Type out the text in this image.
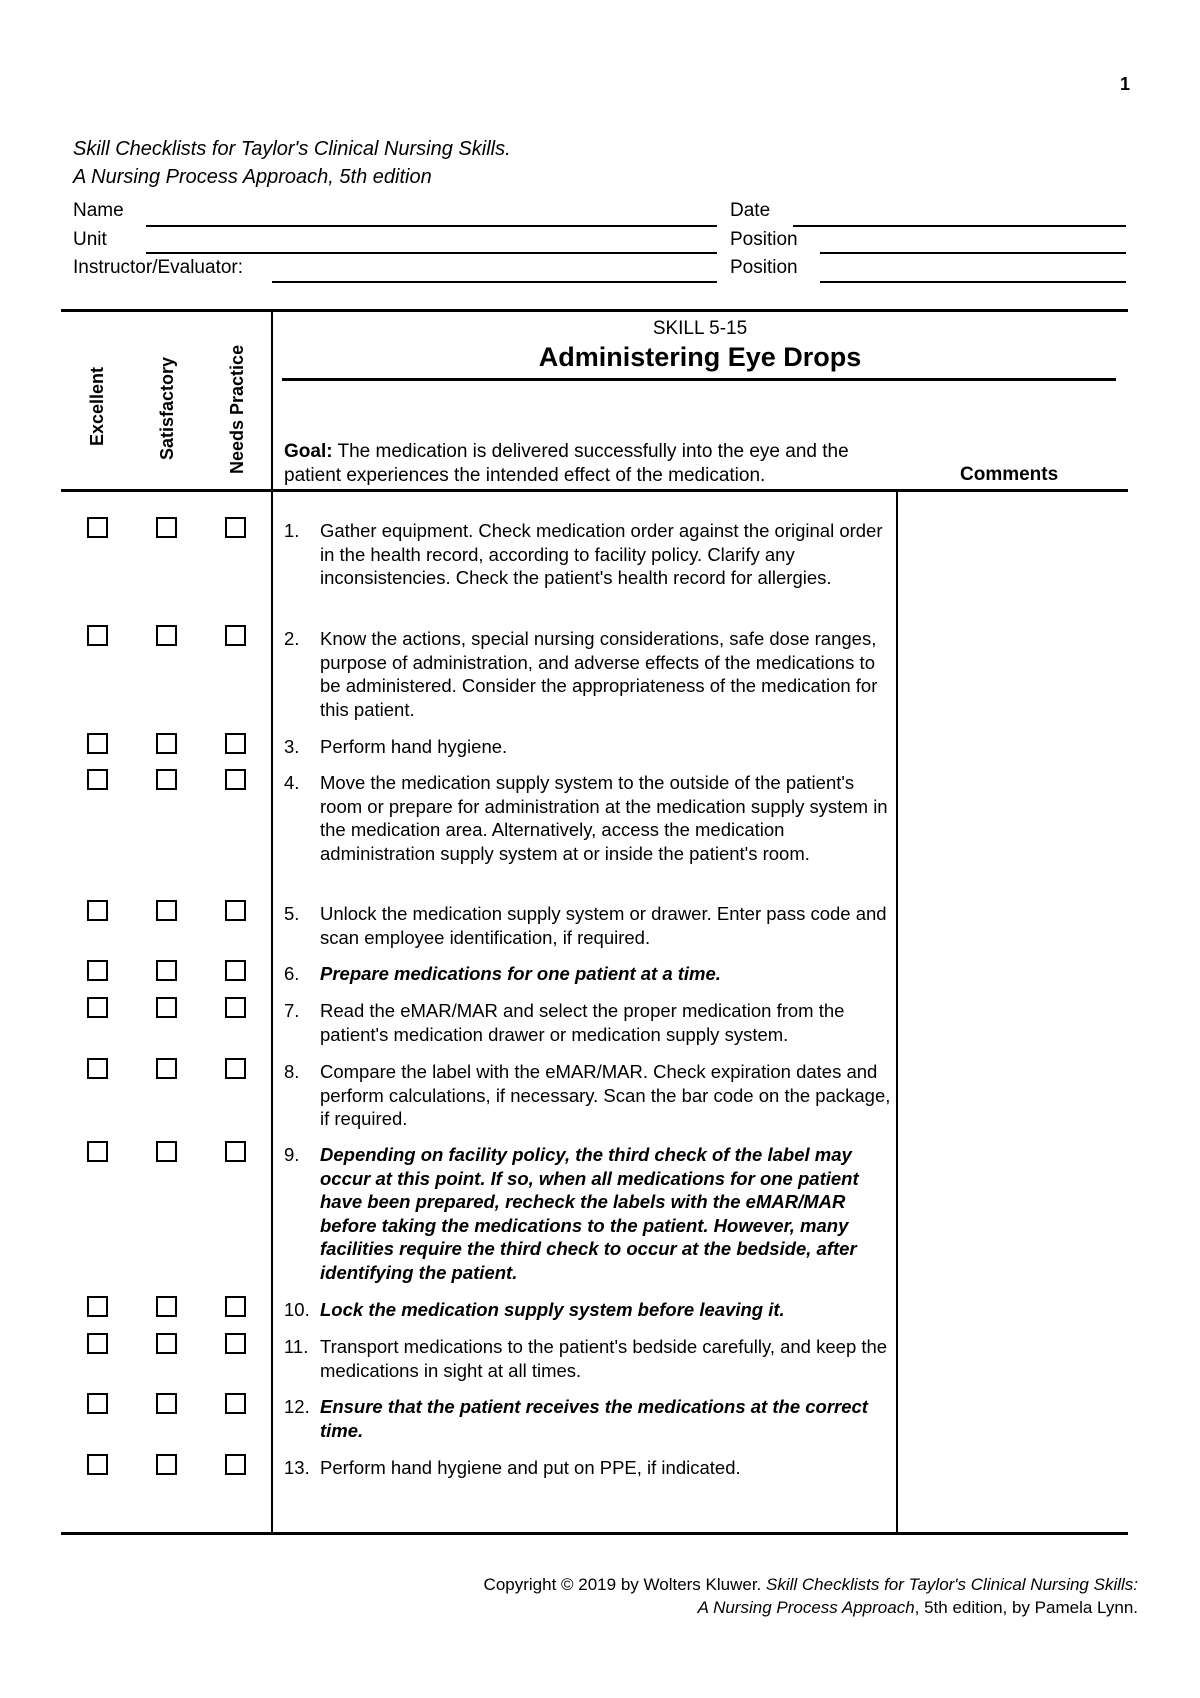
1
Skill Checklists for Taylor's Clinical Nursing Skills.
A Nursing Process Approach, 5th edition
Name	Date
Unit	Position
Instructor/Evaluator:	Position
Excellent	Satisfactory	Needs Practice
SKILL 5-15
Administering Eye Drops
Goal: The medication is delivered successfully into the eye and the patient experiences the intended effect of the medication.	Comments
1. Gather equipment. Check medication order against the original order in the health record, according to facility policy. Clarify any inconsistencies. Check the patient's health record for allergies.
2. Know the actions, special nursing considerations, safe dose ranges, purpose of administration, and adverse effects of the medications to be administered. Consider the appropriateness of the medication for this patient.
3. Perform hand hygiene.
4. Move the medication supply system to the outside of the patient's room or prepare for administration at the medication supply system in the medication area. Alternatively, access the medication administration supply system at or inside the patient's room.
5. Unlock the medication supply system or drawer. Enter pass code and scan employee identification, if required.
6. Prepare medications for one patient at a time.
7. Read the eMAR/MAR and select the proper medication from the patient's medication drawer or medication supply system.
8. Compare the label with the eMAR/MAR. Check expiration dates and perform calculations, if necessary. Scan the bar code on the package, if required.
9. Depending on facility policy, the third check of the label may occur at this point. If so, when all medications for one patient have been prepared, recheck the labels with the eMAR/MAR before taking the medications to the patient. However, many facilities require the third check to occur at the bedside, after identifying the patient.
10. Lock the medication supply system before leaving it.
11. Transport medications to the patient's bedside carefully, and keep the medications in sight at all times.
12. Ensure that the patient receives the medications at the correct time.
13. Perform hand hygiene and put on PPE, if indicated.
Copyright © 2019 by Wolters Kluwer. Skill Checklists for Taylor's Clinical Nursing Skills:
A Nursing Process Approach, 5th edition, by Pamela Lynn.
